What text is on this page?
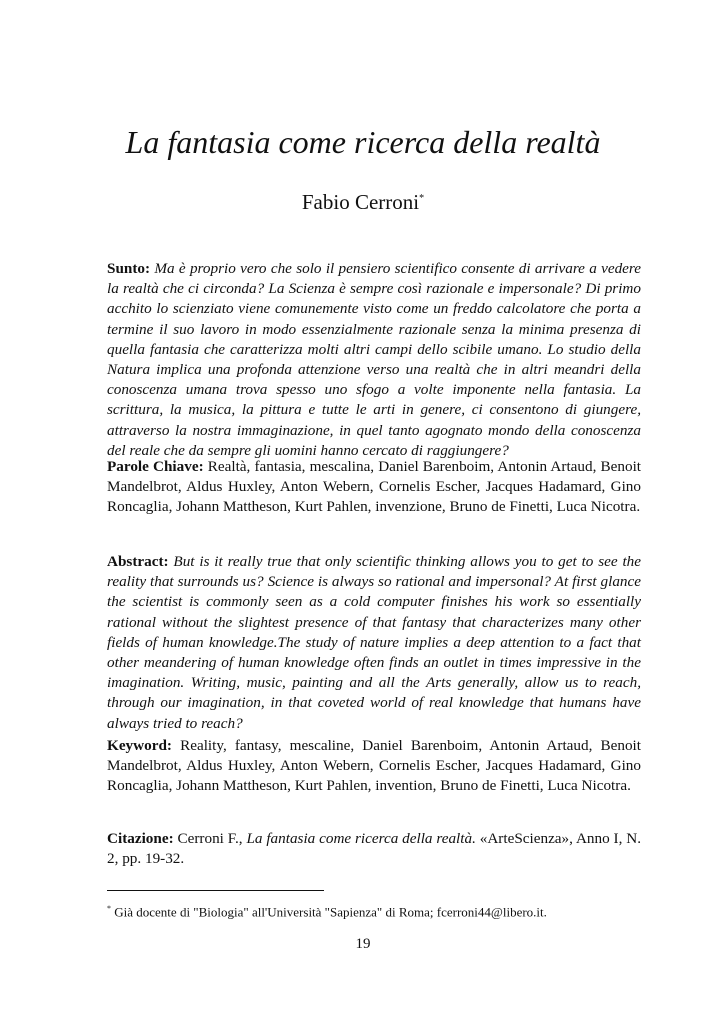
La fantasia come ricerca della realtà
Fabio Cerroni*

Sunto: Ma è proprio vero che solo il pensiero scientifico consente di arrivare a vedere la realtà che ci circonda? La Scienza è sempre così razionale e impersonale? Di primo acchito lo scienziato viene comunemente visto come un freddo calcolatore che porta a termine il suo lavoro in modo essenzialmente razionale senza la minima presenza di quella fantasia che caratterizza molti altri campi dello scibile umano. Lo studio della Natura implica una profonda attenzione verso una realtà che in altri meandri della conoscenza umana trova spesso uno sfogo a volte imponente nella fantasia. La scrittura, la musica, la pittura e tutte le arti in genere, ci consentono di giungere, attraverso la nostra immaginazione, in quel tanto agognato mondo della conoscenza del reale che da sempre gli uomini hanno cercato di raggiungere?

Parole Chiave: Realtà, fantasia, mescalina, Daniel Barenboim, Antonin Artaud, Benoit Mandelbrot, Aldus Huxley, Anton Webern, Cornelis Escher, Jacques Hadamard, Gino Roncaglia, Johann Mattheson, Kurt Pahlen, invenzione, Bruno de Finetti, Luca Nicotra.

Abstract: But is it really true that only scientific thinking allows you to get to see the reality that surrounds us? Science is always so rational and impersonal? At first glance the scientist is commonly seen as a cold computer finishes his work so essentially rational without the slightest presence of that fantasy that characterizes many other fields of human knowledge.The study of nature implies a deep attention to a fact that other meandering of human knowledge often finds an outlet in times impressive in the imagination. Writing, music, painting and all the Arts generally, allow us to reach, through our imagination, in that coveted world of real knowledge that humans have always tried to reach?

Keyword: Reality, fantasy, mescaline, Daniel Barenboim, Antonin Artaud, Benoit Mandelbrot, Aldus Huxley, Anton Webern, Cornelis Escher, Jacques Hadamard, Gino Roncaglia, Johann Mattheson, Kurt Pahlen, invention, Bruno de Finetti, Luca Nicotra.

Citazione: Cerroni F., La fantasia come ricerca della realtà. «ArteScienza», Anno I, N. 2, pp. 19-32.

* Già docente di "Biologia" all'Università "Sapienza" di Roma; fcerroni44@libero.it.
19
